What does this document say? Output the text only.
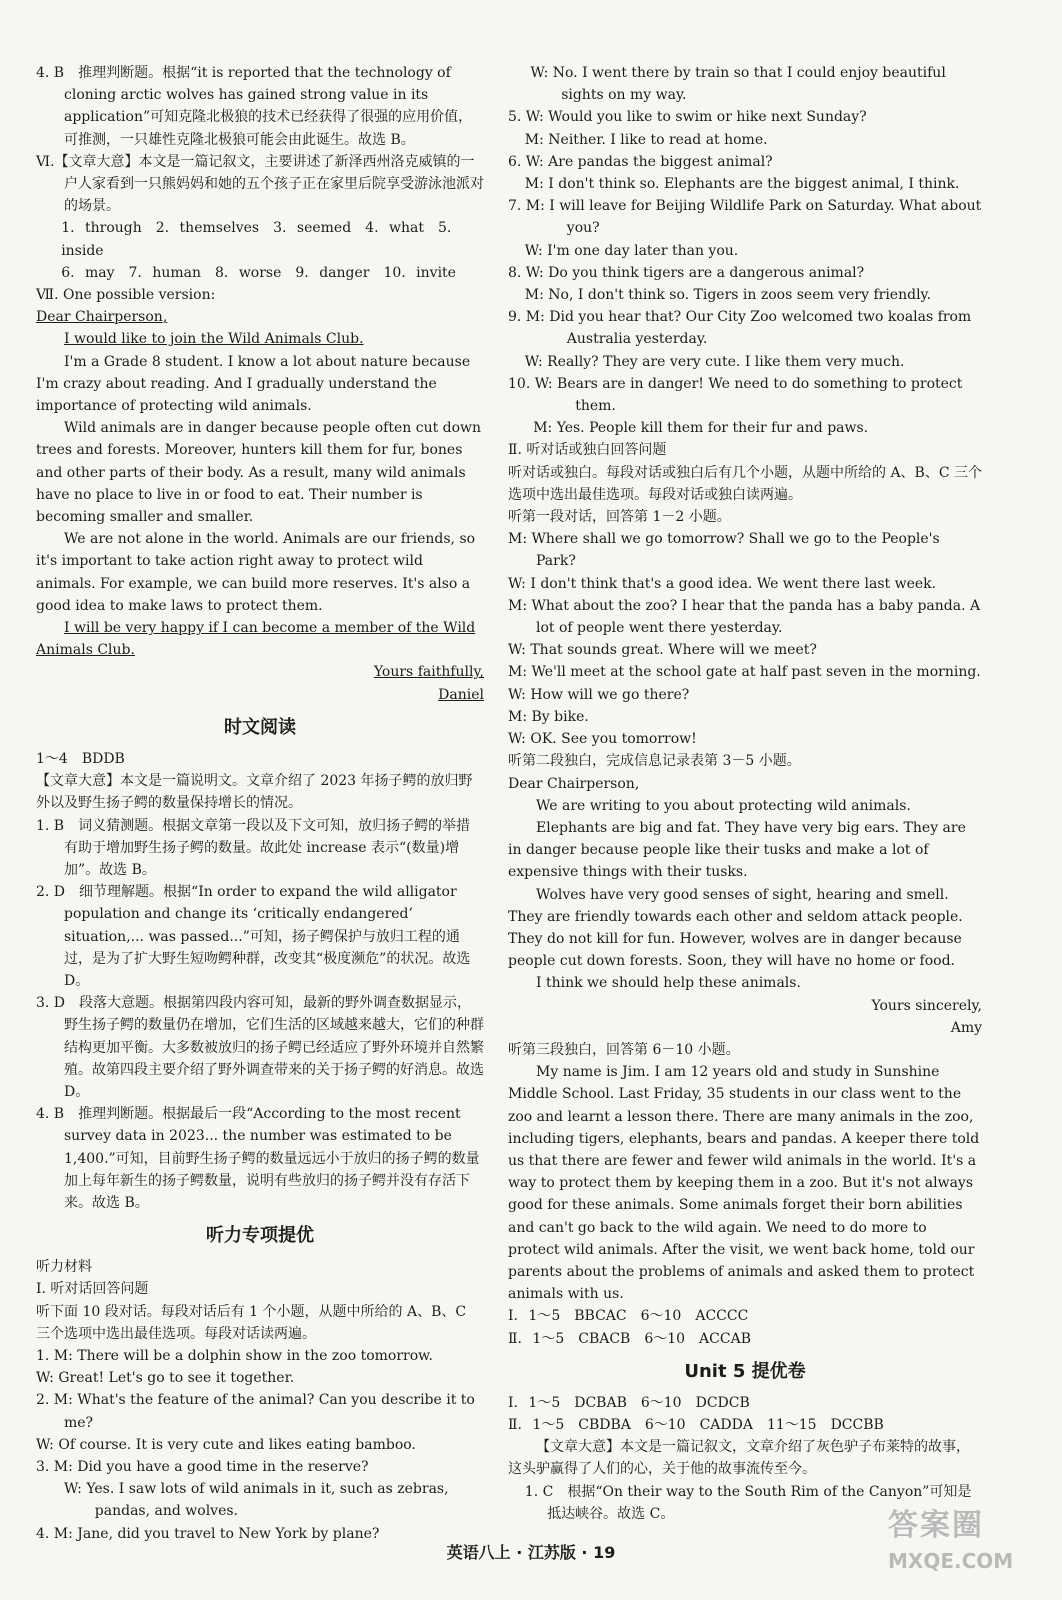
4. B　推理判断题。根据“it is reported that the technology of cloning arctic wolves has gained strong value in its application”可知克隆北极狼的技术已经获得了很强的应用价值，可推测，一只雄性克隆北极狼可能会由此诞生。故选 B。

Ⅵ.【文章大意】本文是一篇记叙文，主要讲述了新泽西州洛克威镇的一户人家看到一只熊妈妈和她的五个孩子正在家里后院享受游泳池派对的场景。

1. through　2. themselves　3. seemed　4. what　5. inside

6. may　7. human　8. worse　9. danger　10. invite

Ⅶ. One possible version:

Dear Chairperson,

I would like to join the Wild Animals Club.

I'm a Grade 8 student. I know a lot about nature because I'm crazy about reading. And I gradually understand the importance of protecting wild animals.

Wild animals are in danger because people often cut down trees and forests. Moreover, hunters kill them for fur, bones and other parts of their body. As a result, many wild animals have no place to live in or food to eat. Their number is becoming smaller and smaller.

We are not alone in the world. Animals are our friends, so it's important to take action right away to protect wild animals. For example, we can build more reserves. It's also a good idea to make laws to protect them.

I will be very happy if I can become a member of the Wild Animals Club.

Yours faithfully,

Daniel

时文阅读

1～4　BDDB

【文章大意】本文是一篇说明文。文章介绍了 2023 年扬子鳄的放归野外以及野生扬子鳄的数量保持增长的情况。

1. B　词义猜测题。根据文章第一段以及下文可知，放归扬子鳄的举措有助于增加野生扬子鳄的数量。故此处 increase 表示“(数量)增加”。故选 B。

2. D　细节理解题。根据“In order to expand the wild alligator population and change its ‘critically endangered’ situation,... was passed...”可知，扬子鳄保护与放归工程的通过，是为了扩大野生短吻鳄种群，改变其“极度濒危”的状况。故选 D。

3. D　段落大意题。根据第四段内容可知，最新的野外调查数据显示，野生扬子鳄的数量仍在增加，它们生活的区域越来越大，它们的种群结构更加平衡。大多数被放归的扬子鳄已经适应了野外环境并自然繁殖。故第四段主要介绍了野外调查带来的关于扬子鳄的好消息。故选 D。

4. B　推理判断题。根据最后一段“According to the most recent survey data in 2023... the number was estimated to be 1,400.”可知，目前野生扬子鳄的数量远远小于放归的扬子鳄的数量加上每年新生的扬子鳄数量，说明有些放归的扬子鳄并没有存活下来。故选 B。

听力专项提优

听力材料

Ⅰ. 听对话回答问题

听下面 10 段对话。每段对话后有 1 个小题，从题中所给的 A、B、C 三个选项中选出最佳选项。每段对话读两遍。

1. M: There will be a dolphin show in the zoo tomorrow.

W: Great! Let's go to see it together.

2. M: What's the feature of the animal? Can you describe it to me?

W: Of course. It is very cute and likes eating bamboo.

3. M: Did you have a good time in the reserve?

W: Yes. I saw lots of wild animals in it, such as zebras, pandas, and wolves.

4. M: Jane, did you travel to New York by plane?

W: No. I went there by train so that I could enjoy beautiful sights on my way.

5. W: Would you like to swim or hike next Sunday?

M: Neither. I like to read at home.

6. W: Are pandas the biggest animal?

M: I don't think so. Elephants are the biggest animal, I think.

7. M: I will leave for Beijing Wildlife Park on Saturday. What about you?

W: I'm one day later than you.

8. W: Do you think tigers are a dangerous animal?

M: No, I don't think so. Tigers in zoos seem very friendly.

9. M: Did you hear that? Our City Zoo welcomed two koalas from Australia yesterday.

W: Really? They are very cute. I like them very much.

10. W: Bears are in danger! We need to do something to protect them.

M: Yes. People kill them for their fur and paws.

Ⅱ. 听对话或独白回答问题

听对话或独白。每段对话或独白后有几个小题，从题中所给的 A、B、C 三个选项中选出最佳选项。每段对话或独白读两遍。

听第一段对话，回答第 1－2 小题。

M: Where shall we go tomorrow? Shall we go to the People's Park?

W: I don't think that's a good idea. We went there last week.

M: What about the zoo? I hear that the panda has a baby panda. A lot of people went there yesterday.

W: That sounds great. Where will we meet?

M: We'll meet at the school gate at half past seven in the morning.

W: How will we go there?

M: By bike.

W: OK. See you tomorrow!

听第二段独白，完成信息记录表第 3－5 小题。

Dear Chairperson,

We are writing to you about protecting wild animals.

Elephants are big and fat. They have very big ears. They are in danger because people like their tusks and make a lot of expensive things with their tusks.

Wolves have very good senses of sight, hearing and smell. They are friendly towards each other and seldom attack people. They do not kill for fun. However, wolves are in danger because people cut down forests. Soon, they will have no home or food.

I think we should help these animals.

Yours sincerely,

Amy

听第三段独白，回答第 6－10 小题。

My name is Jim. I am 12 years old and study in Sunshine Middle School. Last Friday, 35 students in our class went to the zoo and learnt a lesson there. There are many animals in the zoo, including tigers, elephants, bears and pandas. A keeper there told us that there are fewer and fewer wild animals in the world. It's a way to protect them by keeping them in a zoo. But it's not always good for these animals. Some animals forget their born abilities and can't go back to the wild again. We need to do more to protect wild animals. After the visit, we went back home, told our parents about the problems of animals and asked them to protect animals with us.

Ⅰ. 1～5　BBCAC　6～10　ACCCC

Ⅱ. 1～5　CBACB　6～10　ACCAB

Unit 5 提优卷

Ⅰ. 1～5　DCBAB　6～10　DCDCB

Ⅱ. 1～5　CBDBA　6～10　CADDA　11～15　DCCBB

【文章大意】本文是一篇记叙文，文章介绍了灰色驴子布莱特的故事，这头驴赢得了人们的心，关于他的故事流传至今。

1. C　根据“On their way to the South Rim of the Canyon”可知是抵达峡谷。故选 C。

英语八上 · 江苏版 · 19
答案圈
MXQE.COM
